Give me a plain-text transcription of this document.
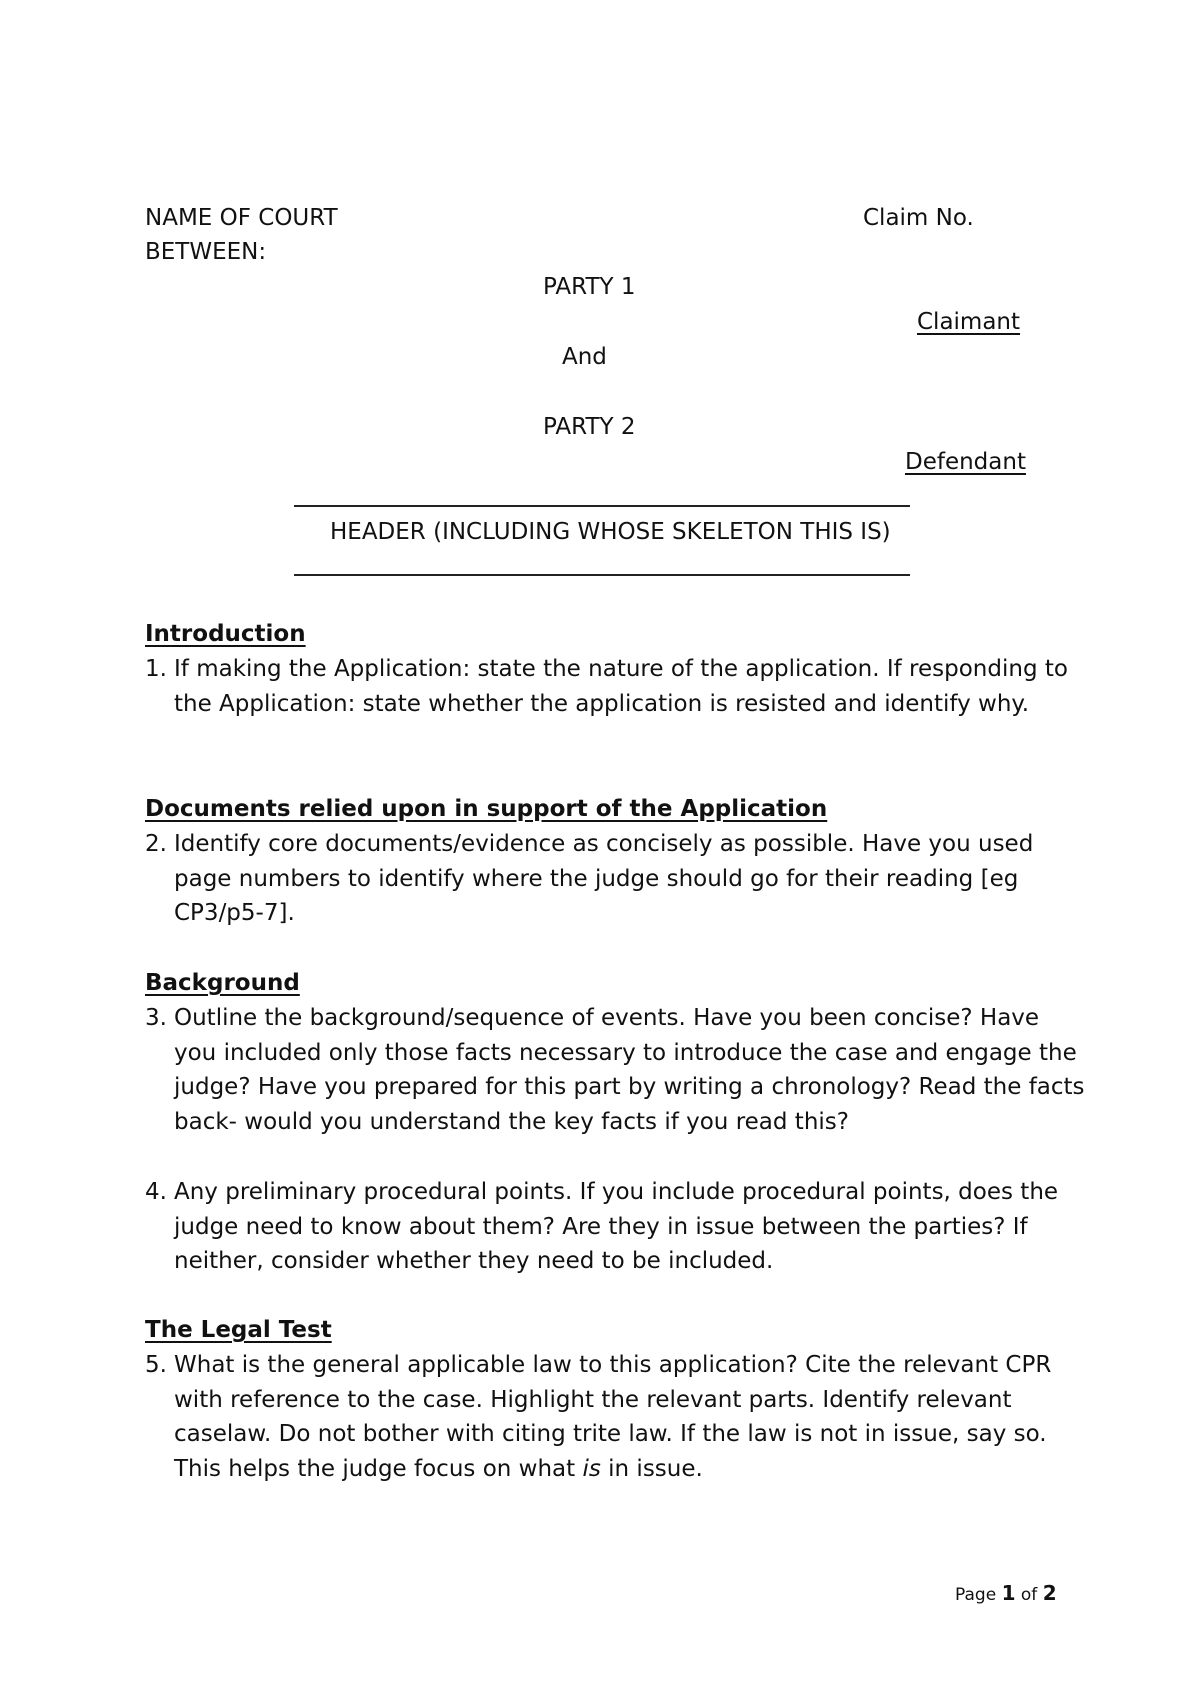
NAME OF COURT	Claim No.
BETWEEN:
PARTY 1
Claimant
And
PARTY 2
Defendant
HEADER (INCLUDING WHOSE SKELETON THIS IS)
Introduction
1. If making the Application: state the nature of the application. If responding to the Application: state whether the application is resisted and identify why.
Documents relied upon in support of the Application
2. Identify core documents/evidence as concisely as possible. Have you used page numbers to identify where the judge should go for their reading [eg CP3/p5-7].
Background
3. Outline the background/sequence of events. Have you been concise? Have you included only those facts necessary to introduce the case and engage the judge? Have you prepared for this part by writing a chronology? Read the facts back- would you understand the key facts if you read this?
4. Any preliminary procedural points. If you include procedural points, does the judge need to know about them? Are they in issue between the parties? If neither, consider whether they need to be included.
The Legal Test
5. What is the general applicable law to this application? Cite the relevant CPR with reference to the case. Highlight the relevant parts. Identify relevant caselaw. Do not bother with citing trite law. If the law is not in issue, say so. This helps the judge focus on what is in issue.
Page 1 of 2
